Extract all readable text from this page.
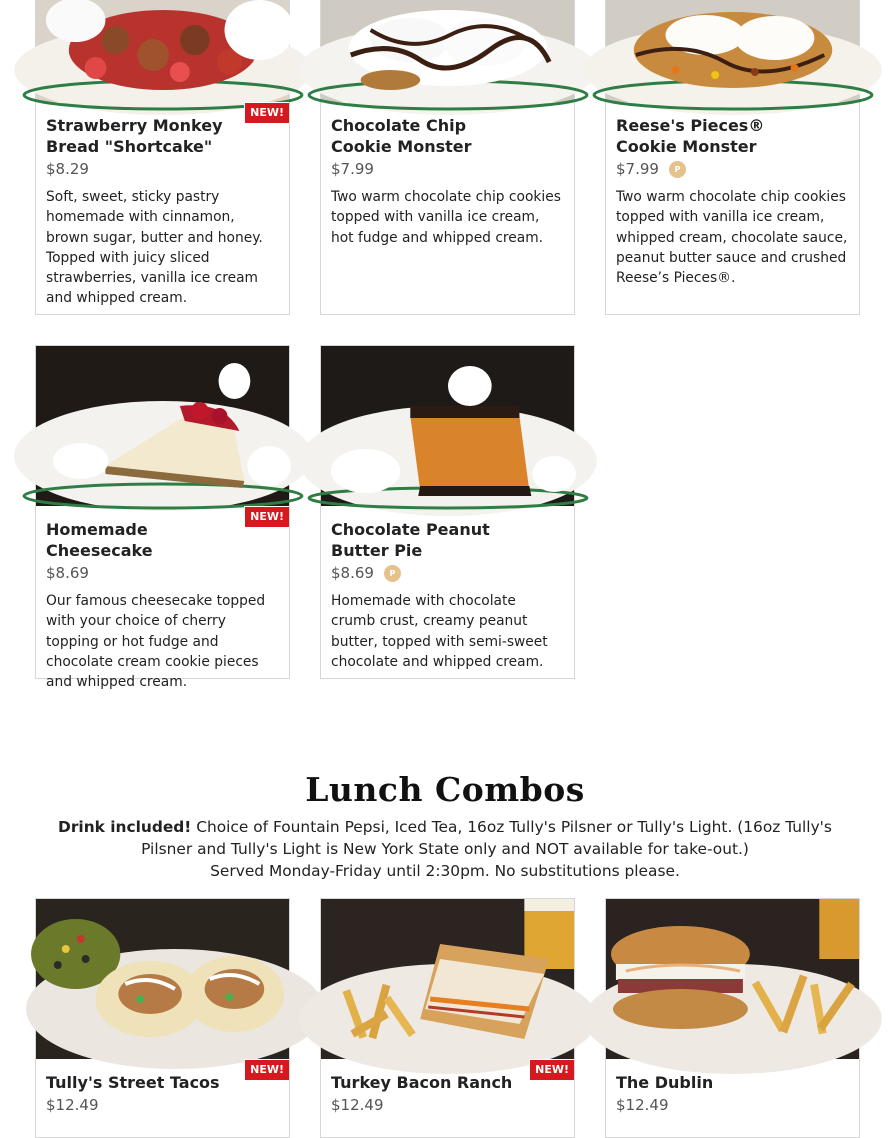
NEW!
Strawberry Monkey Bread "Shortcake"
$8.29
Soft, sweet, sticky pastry homemade with cinnamon, brown sugar, butter and honey. Topped with juicy sliced strawberries, vanilla ice cream and whipped cream.
Chocolate Chip Cookie Monster
$7.99
Two warm chocolate chip cookies topped with vanilla ice cream, hot fudge and whipped cream.
Reese's Pieces® Cookie Monster
$7.99	P
Two warm chocolate chip cookies topped with vanilla ice cream, whipped cream, chocolate sauce, peanut butter sauce and crushed Reese’s Pieces®.
NEW!
Homemade Cheesecake
$8.69
Our famous cheesecake topped with your choice of cherry topping or hot fudge and chocolate cream cookie pieces and whipped cream.
Chocolate Peanut Butter Pie
$8.69	P
Homemade with chocolate crumb crust, creamy peanut butter, topped with semi-sweet chocolate and whipped cream.
Lunch Combos
Drink included! Choice of Fountain Pepsi, Iced Tea, 16oz Tully's Pilsner or Tully's Light. (16oz Tully's Pilsner and Tully's Light is New York State only and NOT available for take-out.)
Served Monday-Friday until 2:30pm. No substitutions please.
NEW!
Tully's Street Tacos
$12.49
NEW!
Turkey Bacon Ranch
$12.49
The Dublin
$12.49
